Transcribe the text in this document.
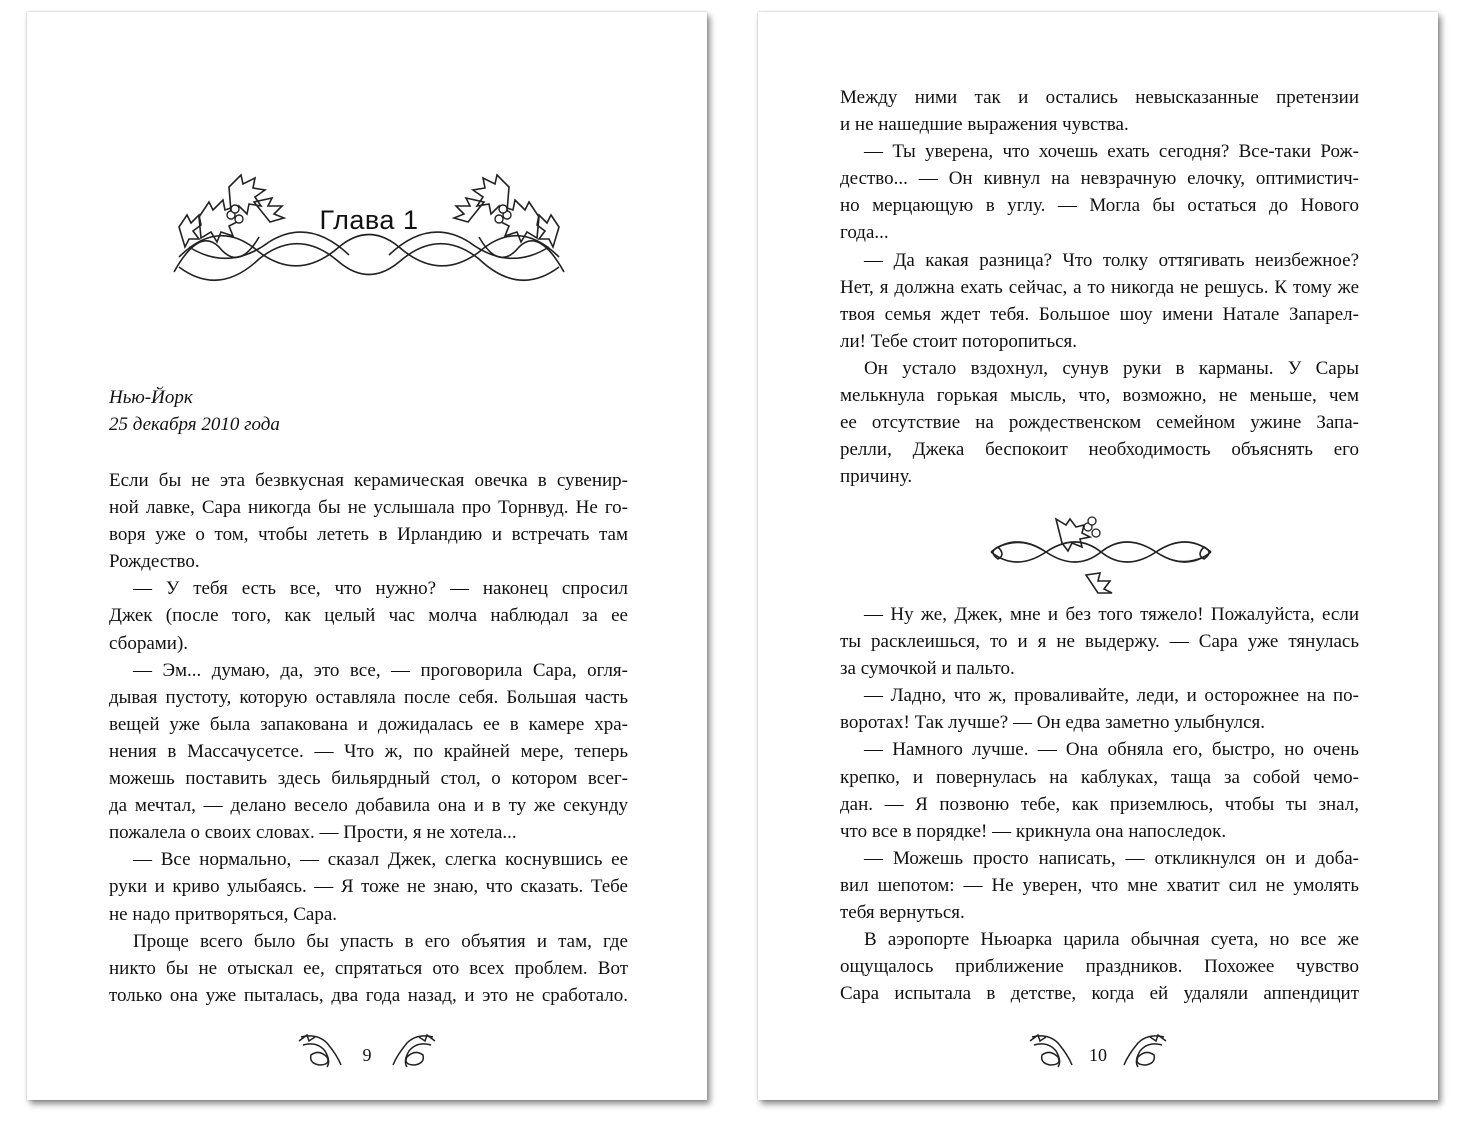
Глава 1
Нью-Йорк
25 декабря 2010 года

Если бы не эта безвкусная керамическая овечка в сувенир-

ной лавке, Сара никогда бы не услышала про Торнвуд. Не го-

воря уже о том, чтобы лететь в Ирландию и встречать там

Рождество.

— У тебя есть все, что нужно? — наконец спросил

Джек (после того, как целый час молча наблюдал за ее

сборами).

— Эм... думаю, да, это все, — проговорила Сара, огля-

дывая пустоту, которую оставляла после себя. Большая часть

вещей уже была запакована и дожидалась ее в камере хра-

нения в Массачусетсе. — Что ж, по крайней мере, теперь

можешь поставить здесь бильярдный стол, о котором всег-

да мечтал, — делано весело добавила она и в ту же секунду

пожалела о своих словах. — Прости, я не хотела...

— Все нормально, — сказал Джек, слегка коснувшись ее

руки и криво улыбаясь. — Я тоже не знаю, что сказать. Тебе

не надо притворяться, Сара.

Проще всего было бы упасть в его объятия и там, где

никто бы не отыскал ее, спрятаться ото всех проблем. Вот

только она уже пыталась, два года назад, и это не сработало.

9

Между ними так и остались невысказанные претензии

и не нашедшие выражения чувства.

— Ты уверена, что хочешь ехать сегодня? Все-таки Рож-

дество... — Он кивнул на невзрачную елочку, оптимистич-

но мерцающую в углу. — Могла бы остаться до Нового

года...

— Да какая разница? Что толку оттягивать неизбежное?

Нет, я должна ехать сейчас, а то никогда не решусь. К тому же

твоя семья ждет тебя. Большое шоу имени Натале Запарел-

ли! Тебе стоит поторопиться.

Он устало вздохнул, сунув руки в карманы. У Сары

мелькнула горькая мысль, что, возможно, не меньше, чем

ее отсутствие на рождественском семейном ужине Запа-

релли, Джека беспокоит необходимость объяснять его

причину.

— Ну же, Джек, мне и без того тяжело! Пожалуйста, если

ты расклеишься, то и я не выдержу. — Сара уже тянулась

за сумочкой и пальто.

— Ладно, что ж, проваливайте, леди, и осторожнее на по-

воротах! Так лучше? — Он едва заметно улыбнулся.

— Намного лучше. — Она обняла его, быстро, но очень

крепко, и повернулась на каблуках, таща за собой чемо-

дан. — Я позвоню тебе, как приземлюсь, чтобы ты знал,

что все в порядке! — крикнула она напоследок.

— Можешь просто написать, — откликнулся он и доба-

вил шепотом: — Не уверен, что мне хватит сил не умолять

тебя вернуться.

В аэропорте Ньюарка царила обычная суета, но все же

ощущалось приближение праздников. Похожее чувство

Сара испытала в детстве, когда ей удаляли аппендицит

10
